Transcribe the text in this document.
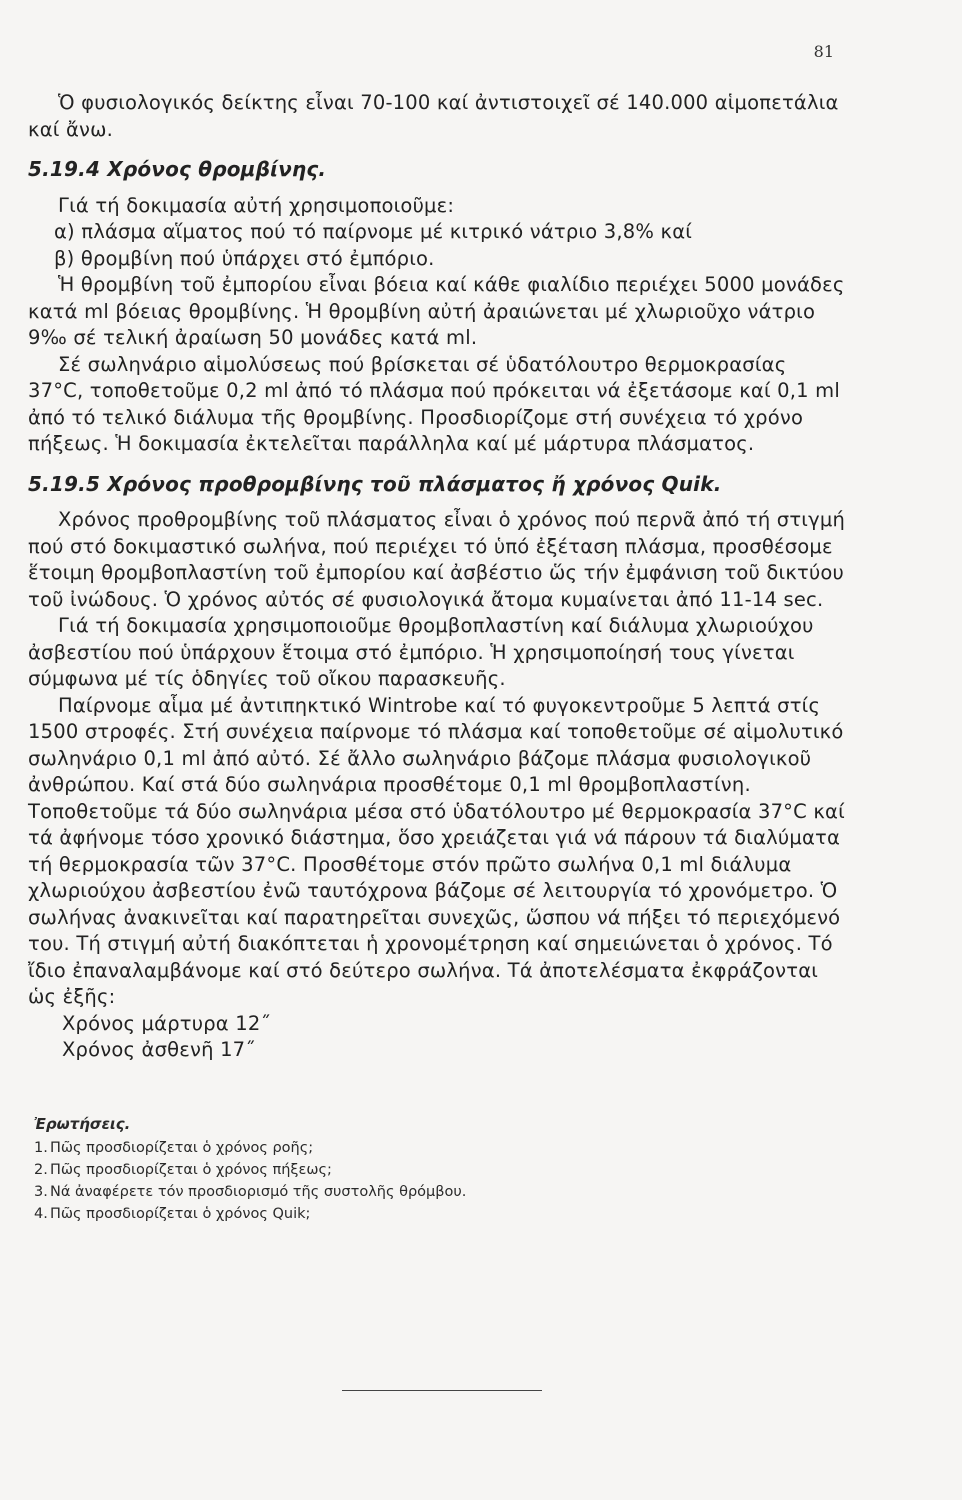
81

Ὁ φυσιολογικός δείκτης εἶναι 70-100 καί ἀντιστοιχεῖ σέ 140.000 αἱμοπετάλια καί ἄνω.

5.19.4 Χρόνος θρομβίνης.

Γιά τή δοκιμασία αὐτή χρησιμοποιοῦμε:

α) πλάσμα αἵματος πού τό παίρνομε μέ κιτρικό νάτριο 3,8% καί

β) θρομβίνη πού ὑπάρχει στό ἐμπόριο.

Ἡ θρομβίνη τοῦ ἐμπορίου εἶναι βόεια καί κάθε φιαλίδιο περιέχει 5000 μονάδες κατά ml βόειας θρομβίνης. Ἡ θρομβίνη αὐτή ἀραιώνεται μέ χλωριοῦχο νάτριο 9‰ σέ τελική ἀραίωση 50 μονάδες κατά ml.

Σέ σωληνάριο αἱμολύσεως πού βρίσκεται σέ ὑδατόλουτρο θερμοκρασίας 37°C, τοποθετοῦμε 0,2 ml ἀπό τό πλάσμα πού πρόκειται νά ἐξετάσομε καί 0,1 ml ἀπό τό τελικό διάλυμα τῆς θρομβίνης. Προσδιορίζομε στή συνέχεια τό χρόνο πήξεως. Ἡ δοκιμασία ἐκτελεῖται παράλληλα καί μέ μάρτυρα πλάσματος.

5.19.5 Χρόνος προθρομβίνης τοῦ πλάσματος ἤ χρόνος Quik.

Χρόνος προθρομβίνης τοῦ πλάσματος εἶναι ὁ χρόνος πού περνᾶ ἀπό τή στιγμή πού στό δοκιμαστικό σωλήνα, πού περιέχει τό ὑπό ἐξέταση πλάσμα, προσθέσομε ἕτοιμη θρομβοπλαστίνη τοῦ ἐμπορίου καί ἀσβέστιο ὥς τήν ἐμφάνιση τοῦ δικτύου τοῦ ἰνώδους. Ὁ χρόνος αὐτός σέ φυσιολογικά ἄτομα κυμαίνεται ἀπό 11-14 sec.

Γιά τή δοκιμασία χρησιμοποιοῦμε θρομβοπλαστίνη καί διάλυμα χλωριούχου ἀσβεστίου πού ὑπάρχουν ἕτοιμα στό ἐμπόριο. Ἡ χρησιμοποίησή τους γίνεται σύμφωνα μέ τίς ὁδηγίες τοῦ οἴκου παρασκευῆς.

Παίρνομε αἷμα μέ ἀντιπηκτικό Wintrobe καί τό φυγοκεντροῦμε 5 λεπτά στίς 1500 στροφές. Στή συνέχεια παίρνομε τό πλάσμα καί τοποθετοῦμε σέ αἱμολυτικό σωληνάριο 0,1 ml ἀπό αὐτό. Σέ ἄλλο σωληνάριο βάζομε πλάσμα φυσιολογικοῦ ἀνθρώπου. Καί στά δύο σωληνάρια προσθέτομε 0,1 ml θρομβοπλαστίνη. Τοποθετοῦμε τά δύο σωληνάρια μέσα στό ὑδατόλουτρο μέ θερμοκρασία 37°C καί τά ἀφήνομε τόσο χρονικό διάστημα, ὅσο χρειάζεται γιά νά πάρουν τά διαλύματα τή θερμοκρασία τῶν 37°C. Προσθέτομε στόν πρῶτο σωλήνα 0,1 ml διάλυμα χλωριούχου ἀσβεστίου ἐνῶ ταυτόχρονα βάζομε σέ λειτουργία τό χρονόμετρο. Ὁ σωλήνας ἀνακινεῖται καί παρατηρεῖται συνεχῶς, ὥσπου νά πήξει τό περιεχόμενό του. Τή στιγμή αὐτή διακόπτεται ἡ χρονομέτρηση καί σημειώνεται ὁ χρόνος. Τό ἴδιο ἐπαναλαμβάνομε καί στό δεύτερο σωλήνα. Τά ἀποτελέσματα ἐκφράζονται ὡς ἐξῆς:

Χρόνος μάρτυρα 12˝

Χρόνος ἀσθενῆ 17˝

Ἐρωτήσεις.
1. Πῶς προσδιορίζεται ὁ χρόνος ροῆς;
2. Πῶς προσδιορίζεται ὁ χρόνος πήξεως;
3. Νά ἀναφέρετε τόν προσδιορισμό τῆς συστολῆς θρόμβου.
4. Πῶς προσδιορίζεται ὁ χρόνος Quik;
